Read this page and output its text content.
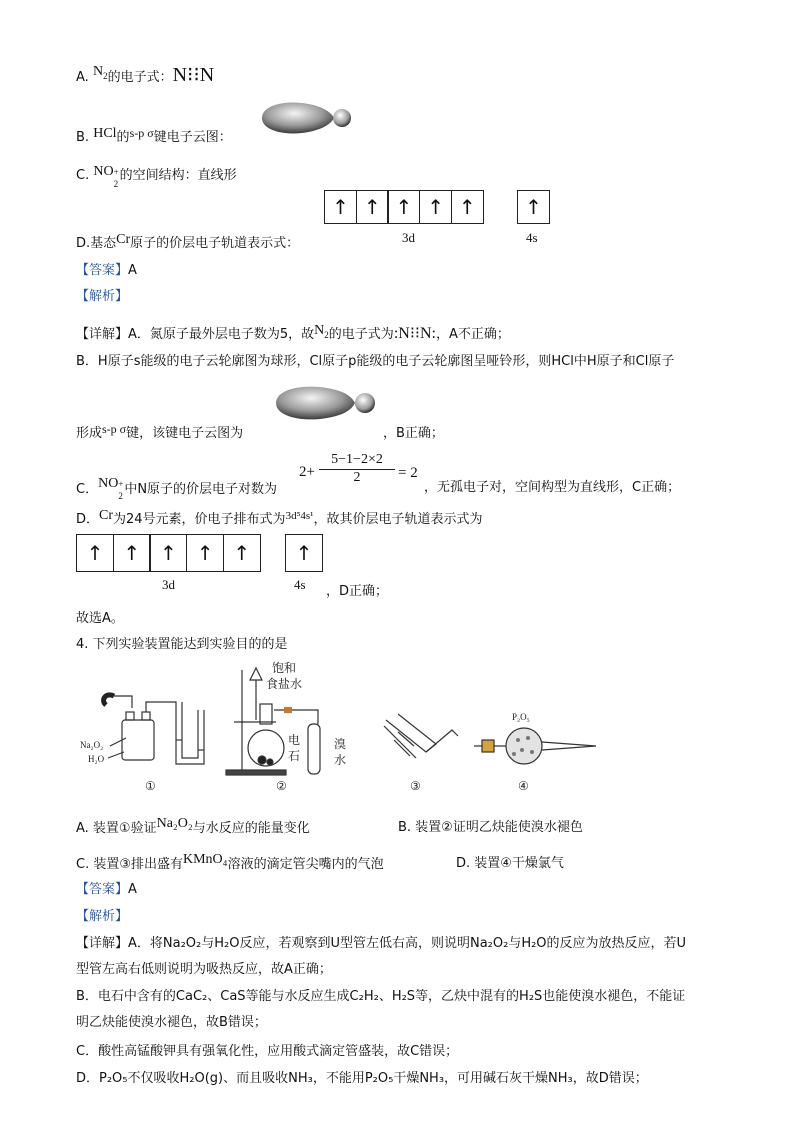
A. $N_2$的电子式：N⁝⁝N
B. HCl的s-p σ键电子云图：
C. NO +
2
的空间结构：直线形
D.基态Cr原子的价层电子轨道表示式：
↑ ↑ ↑ ↑ ↑ ↑
3d	4s
【答案】A
【解析】
【详解】A．氮原子最外层电子数为5，故$N_2$的电子式为:N⁝⁝N:，A不正确；
B．H原子s能级的电子云轮廓图为球形，Cl原子p能级的电子云轮廓图呈哑铃形，则HCl中H原子和Cl原子
形成s-p σ键，该键电子云图为	，B正确；
C．NO +
2 中N原子的价层电子对数为
$2+ \frac{5-1-2\times 2}{2} = 2$
，无孤电子对，空间构型为直线形，C正确；
D．Cr为24号元素，价电子排布式为$^{3d^54s^1}$，故其价层电子轨道表示式为
↑ ↑ ↑ ↑ ↑ ↑
3d	4s ，D正确；
故选A。
4. 下列实验装置能达到实验目的的是
Na₂O₂
H₂O
①
饱和
食盐水
电
石
溴
水
②	③
P₂O₅
④
A. 装置①验证Na₂O₂与水反应的能量变化	B. 装置②证明乙炔能使溴水褪色
C. 装置③排出盛有KMnO₄溶液的滴定管尖嘴内的气泡	D. 装置④干燥氯气
【答案】A
【解析】
【详解】A．将Na₂O₂与H₂O反应，若观察到U型管左低右高，则说明Na₂O₂与H₂O的反应为放热反应，若U
型管左高右低则说明为吸热反应，故A正确；
B．电石中含有的CaC₂、CaS等能与水反应生成C₂H₂、H₂S等，乙炔中混有的H₂S也能使溴水褪色，不能证
明乙炔能使溴水褪色，故B错误；
C．酸性高锰酸钾具有强氧化性，应用酸式滴定管盛装，故C错误；
D．P₂O₅不仅吸收H₂O(g)、而且吸收NH₃，不能用P₂O₅干燥NH₃，可用碱石灰干燥NH₃，故D错误；
